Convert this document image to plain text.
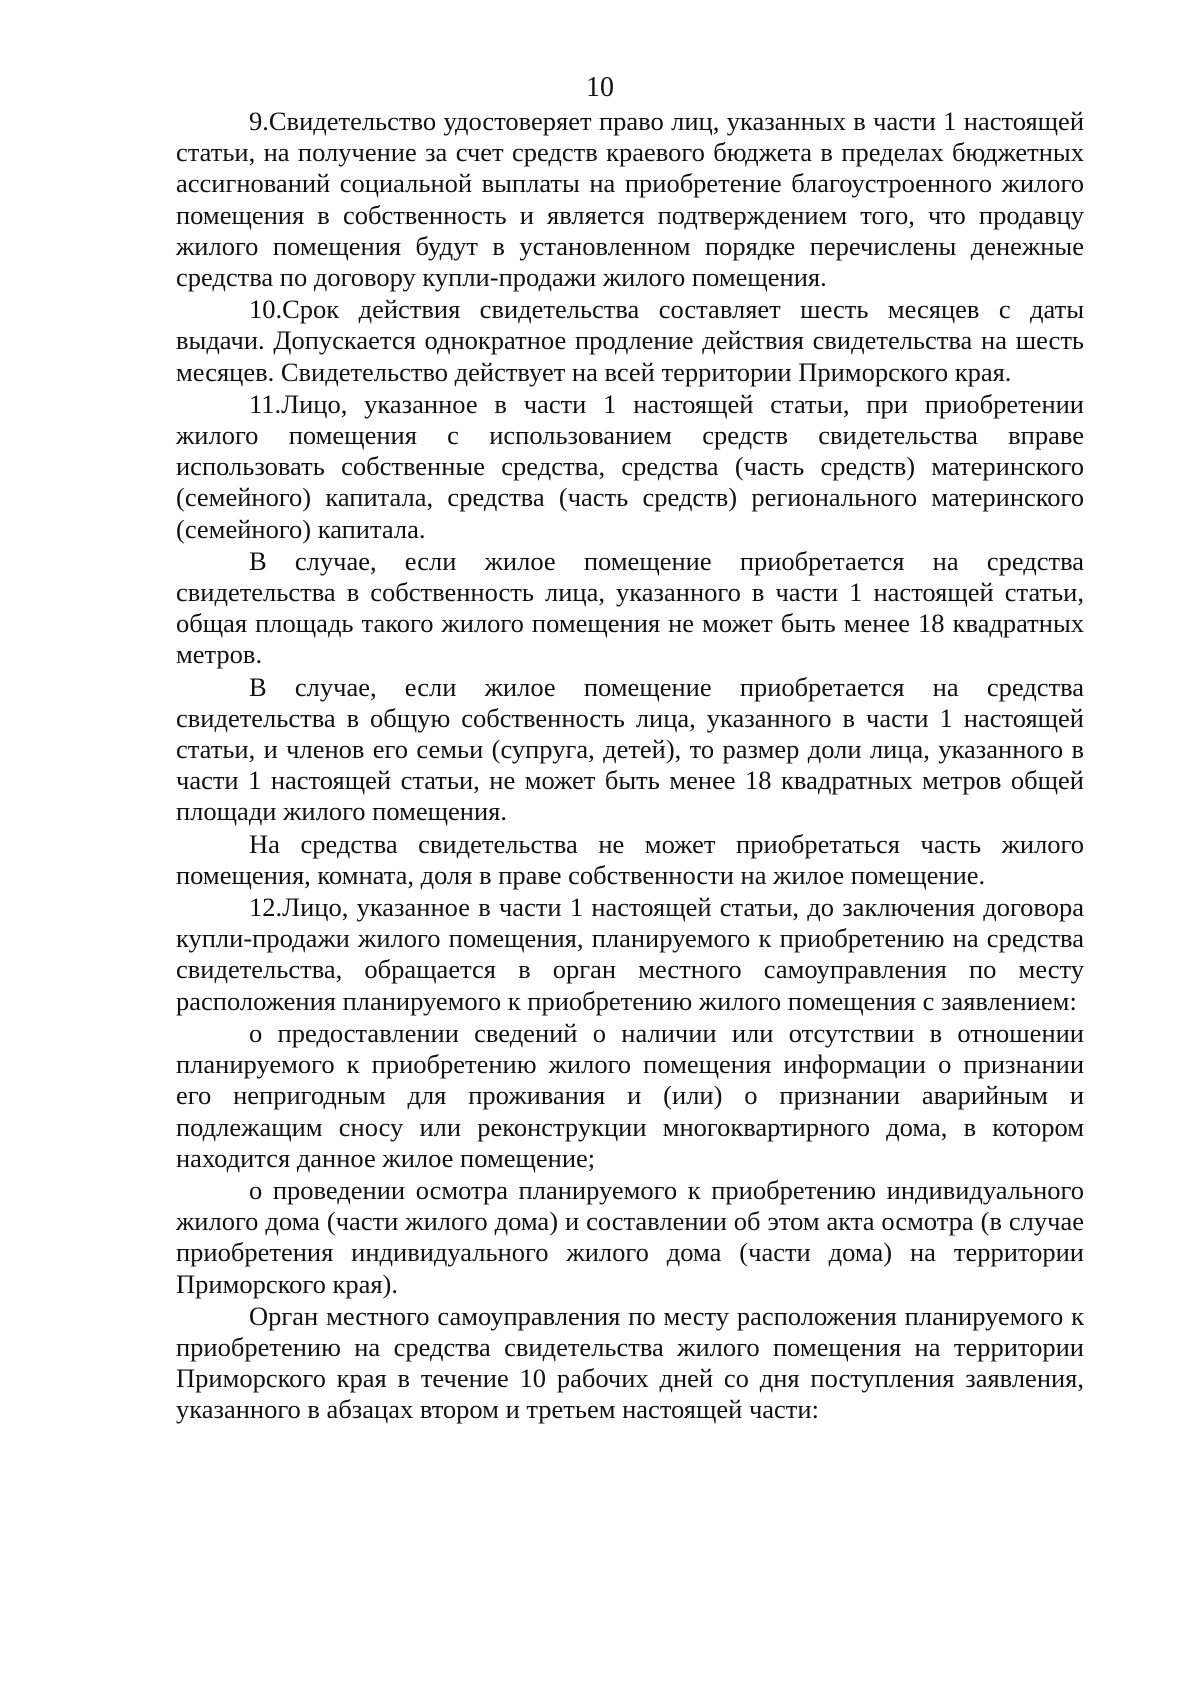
10

9.Свидетельство удостоверяет право лиц, указанных в части 1 настоящей статьи, на получение за счет средств краевого бюджета в пределах бюджетных ассигнований социальной выплаты на приобретение благоустроенного жилого помещения в собственность и является подтверждением того, что продавцу жилого помещения будут в установленном порядке перечислены денежные средства по договору купли-продажи жилого помещения.

10.Срок действия свидетельства составляет шесть месяцев с даты выдачи. Допускается однократное продление действия свидетельства на шесть месяцев. Свидетельство действует на всей территории Приморского края.

11.Лицо, указанное в части 1 настоящей статьи, при приобретении жилого помещения с использованием средств свидетельства вправе использовать собственные средства, средства (часть средств) материнского (семейного) капитала, средства (часть средств) регионального материнского (семейного) капитала.

В случае, если жилое помещение приобретается на средства свидетельства в собственность лица, указанного в части 1 настоящей статьи, общая площадь такого жилого помещения не может быть менее 18 квадратных метров.

В случае, если жилое помещение приобретается на средства свидетельства в общую собственность лица, указанного в части 1 настоящей статьи, и членов его семьи (супруга, детей), то размер доли лица, указанного в части 1 настоящей статьи, не может быть менее 18 квадратных метров общей площади жилого помещения.

На средства свидетельства не может приобретаться часть жилого помещения, комната, доля в праве собственности на жилое помещение.

12.Лицо, указанное в части 1 настоящей статьи, до заключения договора купли-продажи жилого помещения, планируемого к приобретению на средства свидетельства, обращается в орган местного самоуправления по месту расположения планируемого к приобретению жилого помещения с заявлением:

о предоставлении сведений о наличии или отсутствии в отношении планируемого к приобретению жилого помещения информации о признании его непригодным для проживания и (или) о признании аварийным и подлежащим сносу или реконструкции многоквартирного дома, в котором находится данное жилое помещение;

о проведении осмотра планируемого к приобретению индивидуального жилого дома (части жилого дома) и составлении об этом акта осмотра (в случае приобретения индивидуального жилого дома (части дома) на территории Приморского края).

Орган местного самоуправления по месту расположения планируемого к приобретению на средства свидетельства жилого помещения на территории Приморского края в течение 10 рабочих дней со дня поступления заявления, указанного в абзацах втором и третьем настоящей части:
